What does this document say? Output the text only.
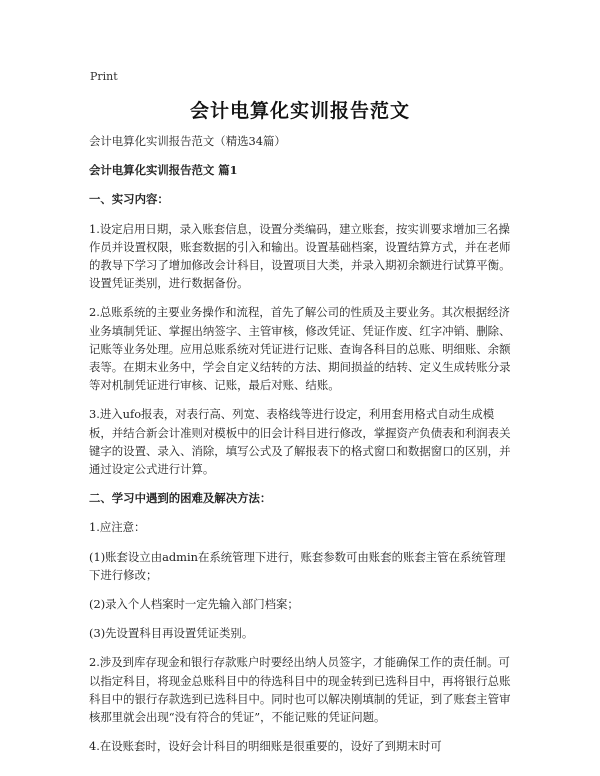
Print
会计电算化实训报告范文

会计电算化实训报告范文（精选34篇）

会计电算化实训报告范文 篇1

一、实习内容：

1.设定启用日期，录入账套信息，设置分类编码，建立账套，按实训要求增加三名操作员并设置权限，账套数据的引入和输出。设置基础档案，设置结算方式，并在老师的教导下学习了增加修改会计科目，设置项目大类，并录入期初余额进行试算平衡。设置凭证类别，进行数据备份。

2.总账系统的主要业务操作和流程，首先了解公司的性质及主要业务。其次根据经济业务填制凭证、掌握出纳签字、主管审核，修改凭证、凭证作废、红字冲销、删除、记账等业务处理。应用总账系统对凭证进行记账、查询各科目的总账、明细账、余额表等。在期末业务中，学会自定义结转的方法、期间损益的结转、定义生成转账分录等对机制凭证进行审核、记账，最后对账、结账。

3.进入ufo报表，对表行高、列宽、表格线等进行设定，利用套用格式自动生成模板，并结合新会计准则对模板中的旧会计科目进行修改，掌握资产负债表和利润表关键字的设置、录入、消除，填写公式及了解报表下的格式窗口和数据窗口的区别，并通过设定公式进行计算。

二、学习中遇到的困难及解决方法：

1.应注意：

(1)账套设立由admin在系统管理下进行，账套参数可由账套的账套主管在系统管理下进行修改；

(2)录入个人档案时一定先输入部门档案；

(3)先设置科目再设置凭证类别。

2.涉及到库存现金和银行存款账户时要经出纳人员签字，才能确保工作的责任制。可以指定科目，将现金总账科目中的待选科目中的现金转到已选科目中，再将银行总账科目中的银行存款选到已选科目中。同时也可以解决刚填制的凭证，到了账套主管审核那里就会出现“没有符合的凭证”，不能记账的凭证问题。

4.在设账套时，设好会计科目的明细账是很重要的，设好了到期末时可
